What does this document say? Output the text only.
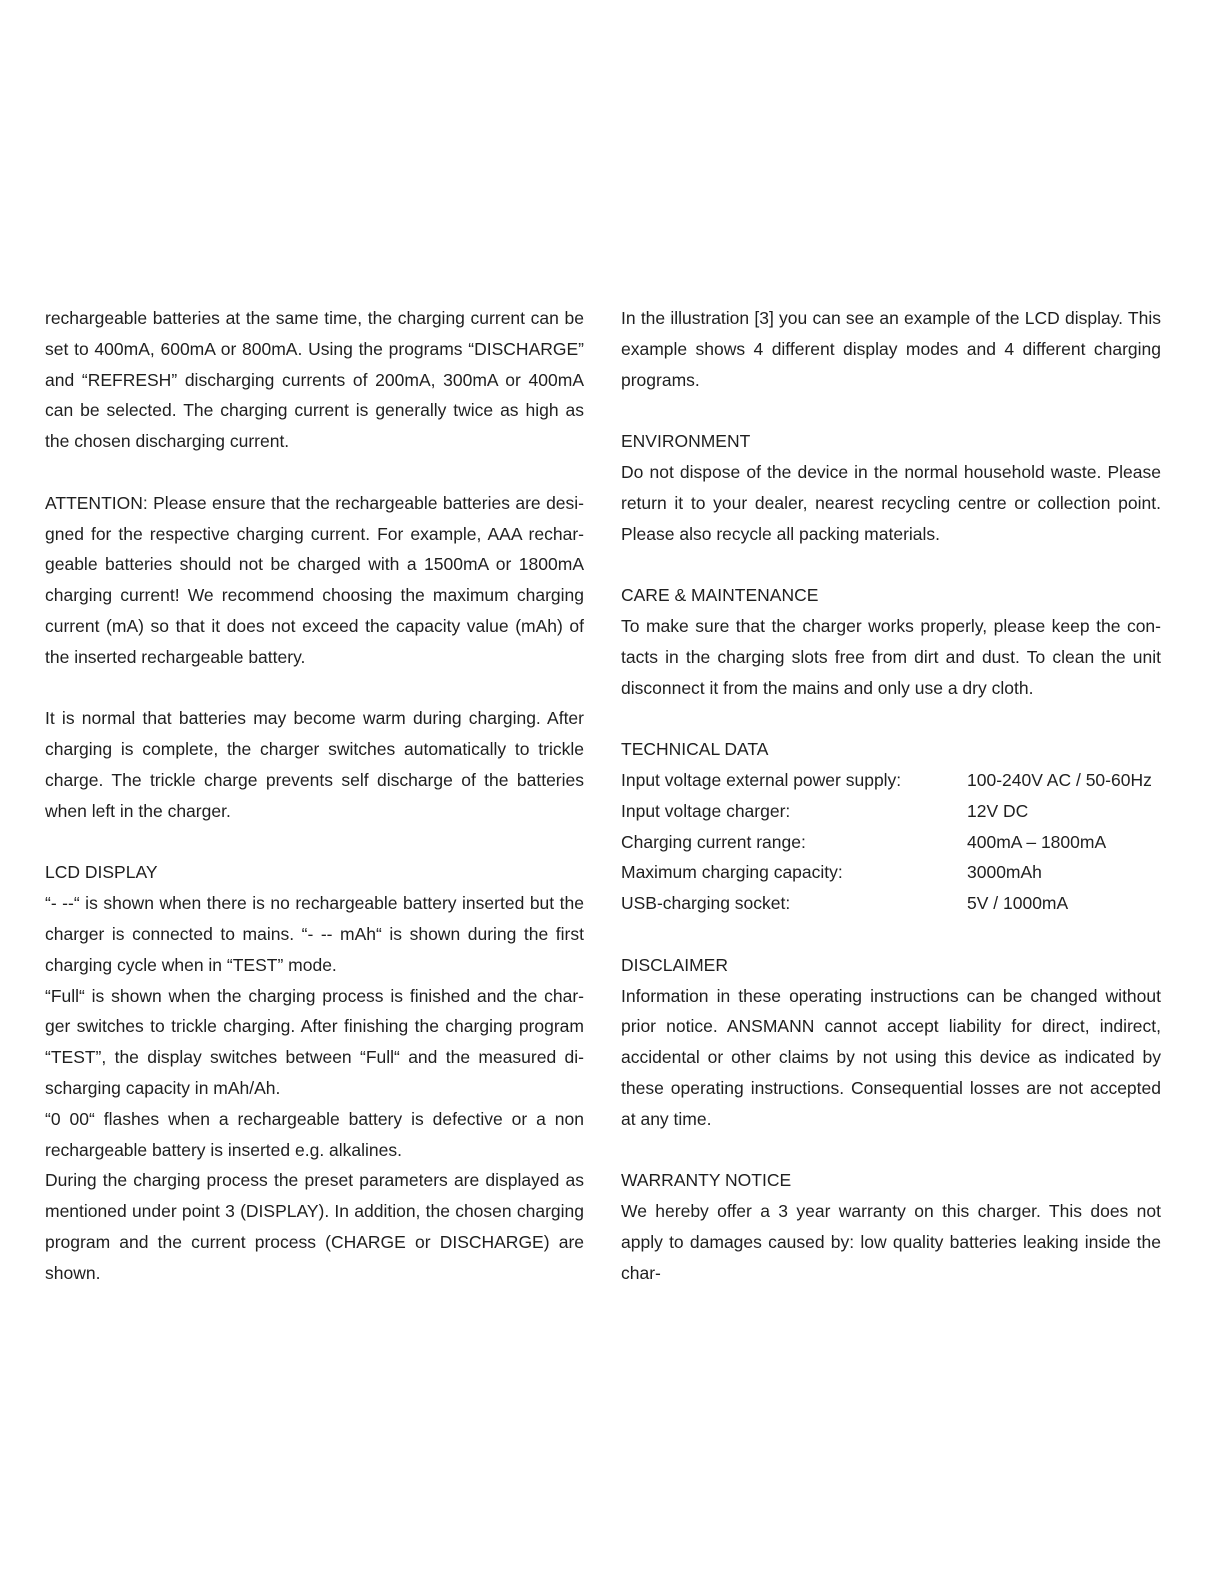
rechargeable batteries at the same time, the charging current can be set to 400mA, 600mA or 800mA. Using the programs “DISCHARGE” and “REFRESH” discharging currents of 200mA, 300mA or 400mA can be selected. The charging current is generally twice as high as the chosen discharging current.

ATTENTION: Please ensure that the rechargeable batteries are desi-gned for the respective charging current. For example, AAA rechar-geable batteries should not be charged with a 1500mA or 1800mA charging current! We recommend choosing the maximum charging current (mA) so that it does not exceed the capacity value (mAh) of the inserted rechargeable battery.

It is normal that batteries may become warm during charging. After charging is complete, the charger switches automatically to trickle charge. The trickle charge prevents self discharge of the batteries when left in the charger.

LCD DISPLAY

“- --“ is shown when there is no rechargeable battery inserted but the charger is connected to mains. “- -- mAh“ is shown during the first charging cycle when in “TEST” mode.

“Full“ is shown when the charging process is finished and the char-ger switches to trickle charging. After finishing the charging program “TEST”, the display switches between “Full“ and the measured di-scharging capacity in mAh/Ah.

“0 00“ flashes when a rechargeable battery is defective or a non rechargeable battery is inserted e.g. alkalines.

During the charging process the preset parameters are displayed as mentioned under point 3 (DISPLAY). In addition, the chosen charging program and the current process (CHARGE or DISCHARGE) are shown.

In the illustration [3] you can see an example of the LCD display. This example shows 4 different display modes and 4 different charging programs.

ENVIRONMENT

Do not dispose of the device in the normal household waste. Please return it to your dealer, nearest recycling centre or collection point. Please also recycle all packing materials.

CARE & MAINTENANCE

To make sure that the charger works properly, please keep the con-tacts in the charging slots free from dirt and dust. To clean the unit disconnect it from the mains and only use a dry cloth.

TECHNICAL DATA

Input voltage external power supply:	100-240V AC / 50-60Hz
Input voltage charger:	12V DC
Charging current range:	400mA – 1800mA
Maximum charging capacity:	3000mAh
USB-charging socket:	5V / 1000mA

DISCLAIMER

Information in these operating instructions can be changed without prior notice. ANSMANN cannot accept liability for direct, indirect, accidental or other claims by not using this device as indicated by these operating instructions. Consequential losses are not accepted at any time.

WARRANTY NOTICE

We hereby offer a 3 year warranty on this charger. This does not apply to damages caused by: low quality batteries leaking inside the char-
